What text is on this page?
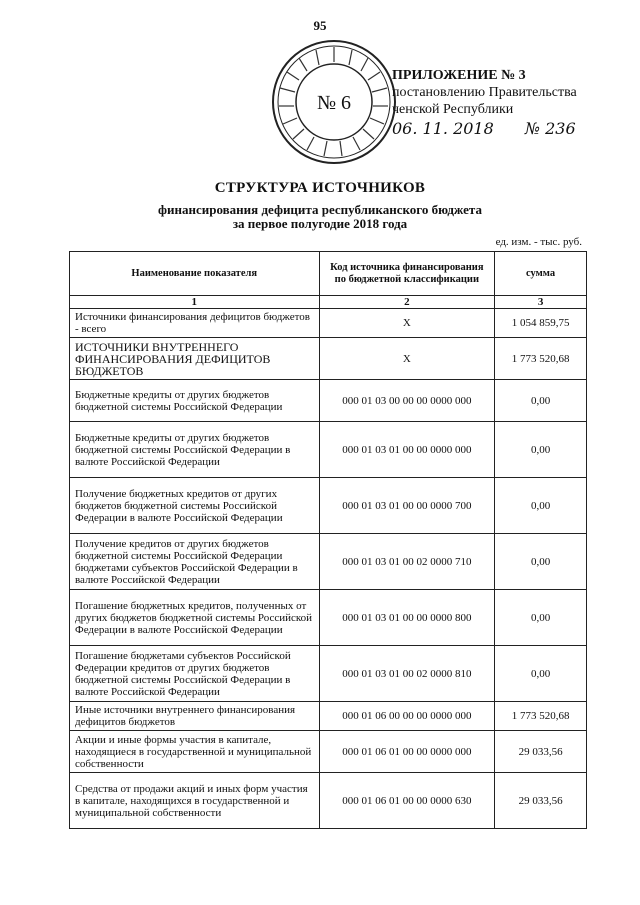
95
№ 6
ПРИЛОЖЕНИЕ № 3
постановлению Правительства
ченской Республики
06. 11. 2018 № 236
СТРУКТУРА ИСТОЧНИКОВ
финансирования дефицита республиканского бюджета
за первое полугодие 2018 года
ед. изм. - тыс. руб.
Наименование показателя	Код источника финансирования по бюджетной классификации	сумма
1	2	3
Источники финансирования дефицитов бюджетов - всего	X	1 054 859,75
ИСТОЧНИКИ ВНУТРЕННЕГО ФИНАНСИРОВАНИЯ ДЕФИЦИТОВ БЮДЖЕТОВ	X	1 773 520,68
Бюджетные кредиты от других бюджетов бюджетной системы Российской Федерации	000 01 03 00 00 00 0000 000	0,00
Бюджетные кредиты от других бюджетов бюджетной системы Российской Федерации в валюте Российской Федерации	000 01 03 01 00 00 0000 000	0,00
Получение бюджетных кредитов от других бюджетов бюджетной системы Российской Федерации в валюте Российской Федерации	000 01 03 01 00 00 0000 700	0,00
Получение кредитов от других бюджетов бюджетной системы Российской Федерации бюджетами субъектов Российской Федерации в валюте Российской Федерации	000 01 03 01 00 02 0000 710	0,00
Погашение бюджетных кредитов, полученных от других бюджетов бюджетной системы Российской Федерации в валюте Российской Федерации	000 01 03 01 00 00 0000 800	0,00
Погашение бюджетами субъектов Российской Федерации кредитов от других бюджетов бюджетной системы Российской Федерации в валюте Российской Федерации	000 01 03 01 00 02 0000 810	0,00
Иные источники внутреннего финансирования дефицитов бюджетов	000 01 06 00 00 00 0000 000	1 773 520,68
Акции и иные формы участия в капитале, находящиеся в государственной и муниципальной собственности	000 01 06 01 00 00 0000 000	29 033,56
Средства от продажи акций и иных форм участия в капитале, находящихся в государственной и муниципальной собственности	000 01 06 01 00 00 0000 630	29 033,56
